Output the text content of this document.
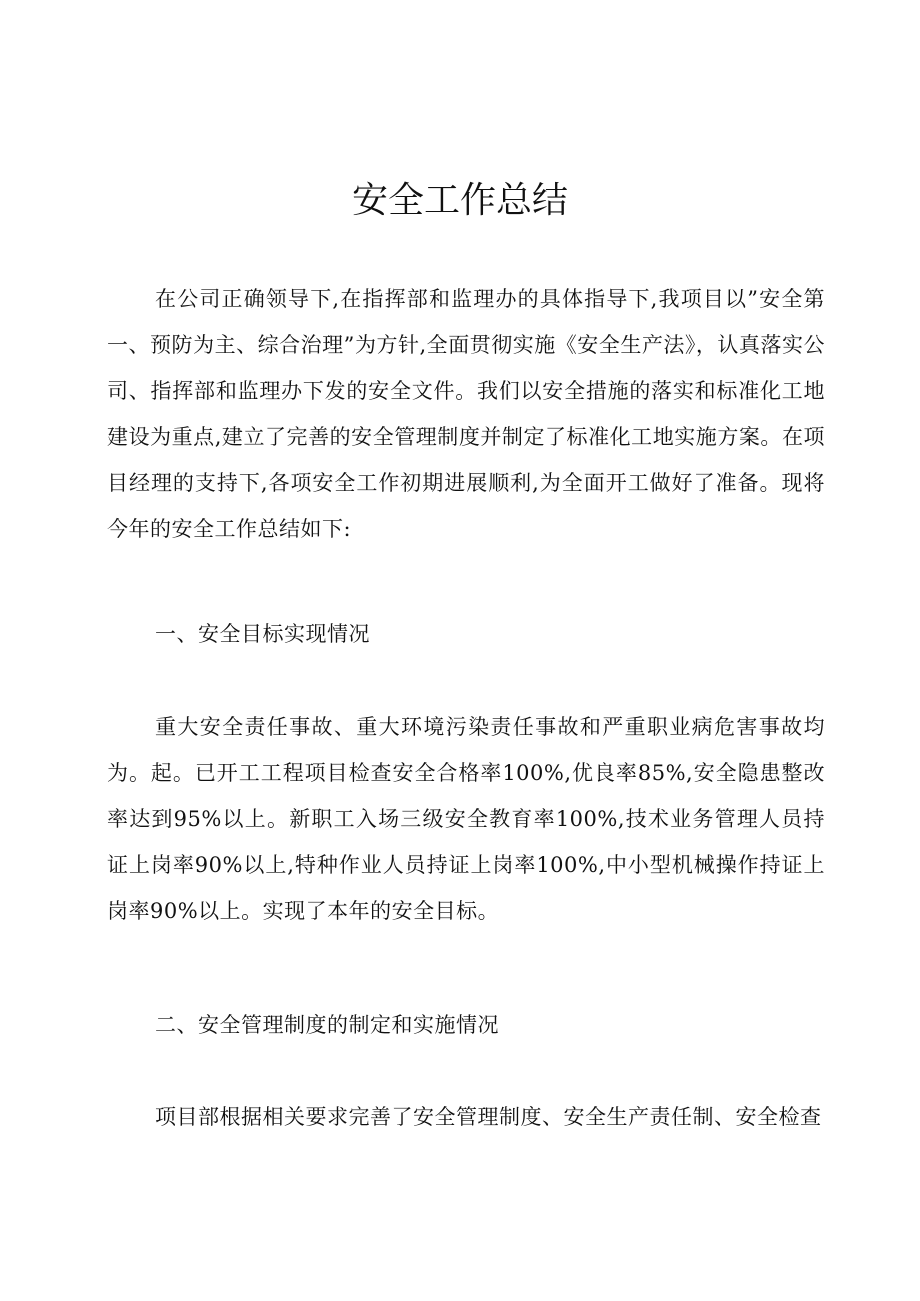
安全工作总结

在公司正确领导下,在指挥部和监理办的具体指导下,我项目以”安全第一、预防为主、综合治理”为方针,全面贯彻实施《安全生产法》，认真落实公司、指挥部和监理办下发的安全文件。我们以安全措施的落实和标准化工地建设为重点,建立了完善的安全管理制度并制定了标准化工地实施方案。在项目经理的支持下,各项安全工作初期进展顺利,为全面开工做好了准备。现将今年的安全工作总结如下:

一、安全目标实现情况

重大安全责任事故、重大环境污染责任事故和严重职业病危害事故均为。起。已开工工程项目检查安全合格率100%,优良率85%,安全隐患整改率达到95%以上。新职工入场三级安全教育率100%,技术业务管理人员持证上岗率90%以上,特种作业人员持证上岗率100%,中小型机械操作持证上岗率90%以上。实现了本年的安全目标。

二、安全管理制度的制定和实施情况

项目部根据相关要求完善了安全管理制度、安全生产责任制、安全检查
